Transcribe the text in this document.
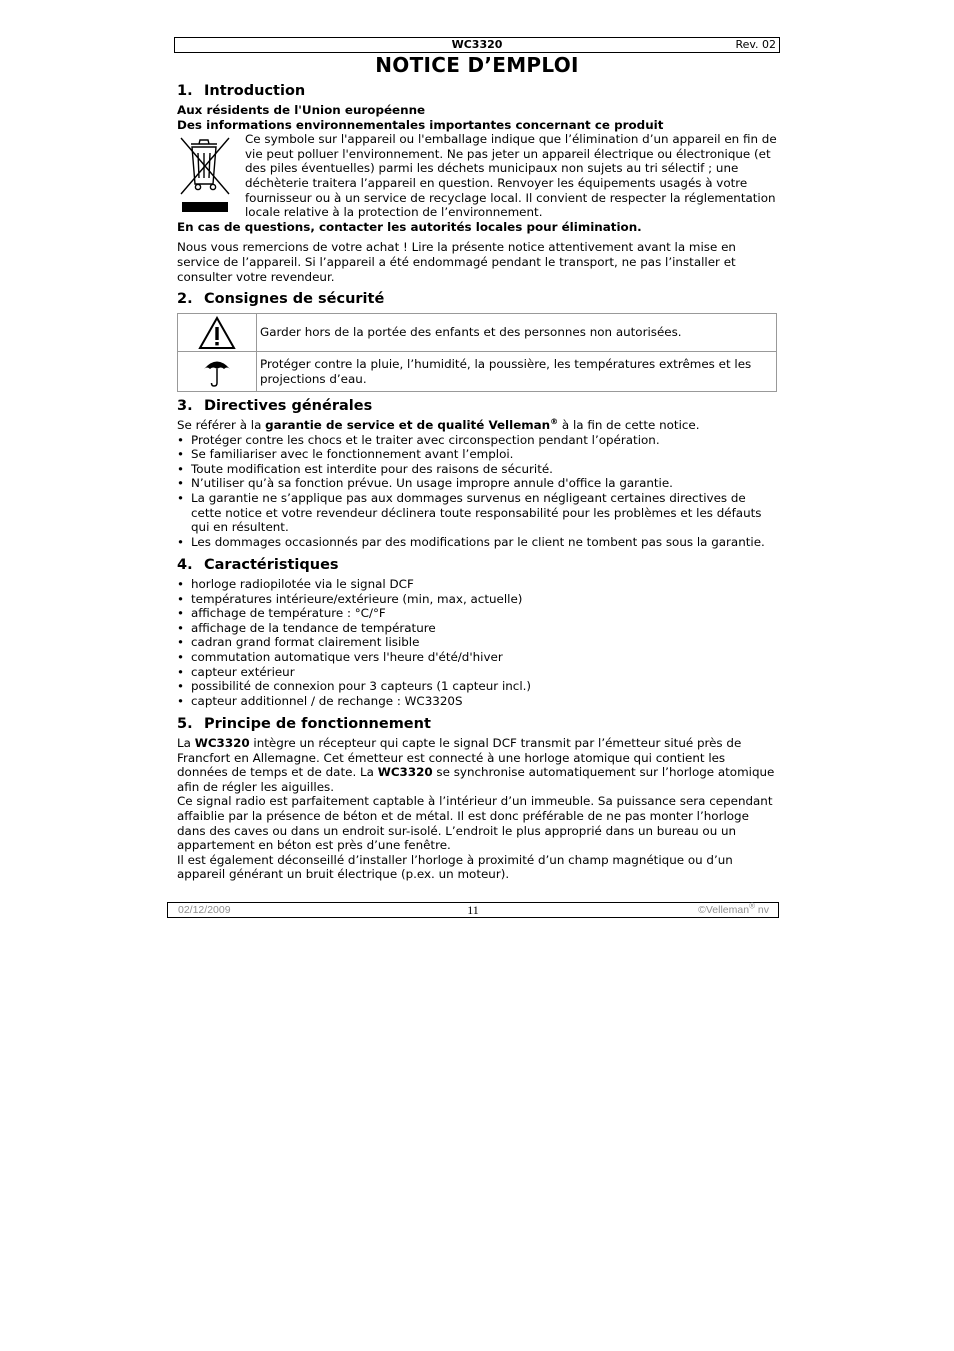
WC3320	Rev. 02
NOTICE D’EMPLOI
1. Introduction

Aux résidents de l'Union européenne

Des informations environnementales importantes concernant ce produit

Ce symbole sur l'appareil ou l'emballage indique que l’élimination d’un appareil en fin de vie peut polluer l'environnement. Ne pas jeter un appareil électrique ou électronique (et des piles éventuelles) parmi les déchets municipaux non sujets au tri sélectif ; une déchèterie traitera l’appareil en question. Renvoyer les équipements usagés à votre fournisseur ou à un service de recyclage local. Il convient de respecter la réglementation locale relative à la protection de l’environnement.

En cas de questions, contacter les autorités locales pour élimination.

Nous vous remercions de votre achat ! Lire la présente notice attentivement avant la mise en service de l’appareil. Si l’appareil a été endommagé pendant le transport, ne pas l’installer et consulter votre revendeur.

2. Consignes de sécurité
	Garder hors de la portée des enfants et des personnes non autorisées.

	Protéger contre la pluie, l’humidité, la poussière, les températures extrêmes et les projections d’eau.
3. Directives générales

Se référer à la garantie de service et de qualité Velleman® à la fin de cette notice.

• Protéger contre les chocs et le traiter avec circonspection pendant l’opération.
• Se familiariser avec le fonctionnement avant l’emploi.
• Toute modification est interdite pour des raisons de sécurité.
• N’utiliser qu’à sa fonction prévue. Un usage impropre annule d'office la garantie.
• La garantie ne s’applique pas aux dommages survenus en négligeant certaines directives de cette notice et votre revendeur déclinera toute responsabilité pour les problèmes et les défauts qui en résultent.
• Les dommages occasionnés par des modifications par le client ne tombent pas sous la garantie.
4. Caractéristiques
• horloge radiopilotée via le signal DCF
• températures intérieure/extérieure (min, max, actuelle)
• affichage de température : °C/°F
• affichage de la tendance de température
• cadran grand format clairement lisible
• commutation automatique vers l'heure d'été/d'hiver
• capteur extérieur
• possibilité de connexion pour 3 capteurs (1 capteur incl.)
• capteur additionnel / de rechange : WC3320S
5. Principe de fonctionnement

La WC3320 intègre un récepteur qui capte le signal DCF transmit par l’émetteur situé près de Francfort en Allemagne. Cet émetteur est connecté à une horloge atomique qui contient les données de temps et de date. La WC3320 se synchronise automatiquement sur l’horloge atomique afin de régler les aiguilles.

Ce signal radio est parfaitement captable à l’intérieur d’un immeuble. Sa puissance sera cependant affaiblie par la présence de béton et de métal. Il est donc préférable de ne pas monter l’horloge dans des caves ou dans un endroit sur-isolé. L’endroit le plus approprié dans un bureau ou un appartement en béton est près d’une fenêtre.

Il est également déconseillé d’installer l’horloge à proximité d’un champ magnétique ou d’un appareil générant un bruit électrique (p.ex. un moteur).

02/12/2009	11	©Velleman® nv
